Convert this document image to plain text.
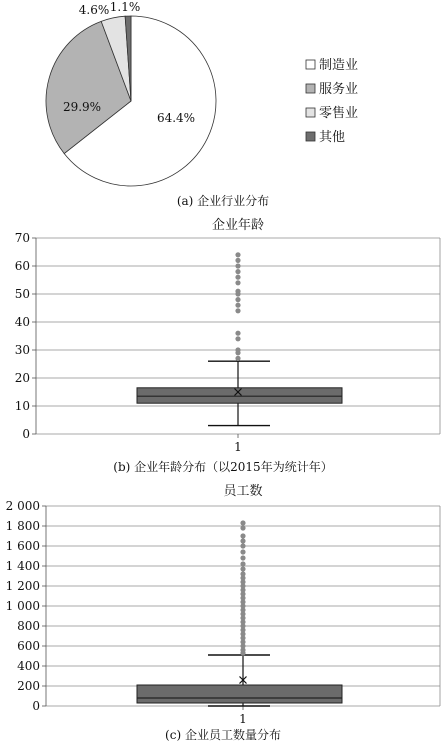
64.4%
29.9%
4.6% 1.1%
制造业
服务业
零售业
其他
(a) 企业行业分布
企业年龄
0
10
20
30
40
50
60
70
1
(b) 企业年龄分布（以2015年为统计年）
员工数
0
200
400
600
800
1 000
1 200
1 400
1 600
1 800
2 000
1
(c) 企业员工数量分布
